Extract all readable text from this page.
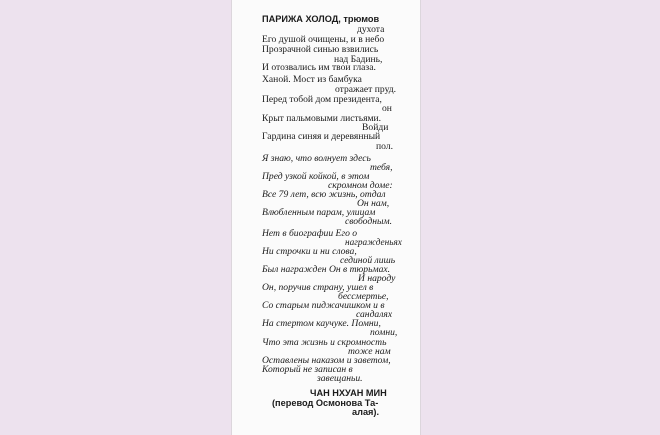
ПАРИЖА ХОЛОД, трюмов
духота
Его душой очищены, и в небо
Прозрачной синью взвились
над Бадинь,
И отозвались им твои глаза.
Ханой. Мост из бамбука
отражает пруд.
Перед тобой дом президента,
он
Крыт пальмовыми листьями.
Войди
Гардина синяя и деревянный
пол.
Я знаю, что волнует здесь
тебя,
Пред узкой койкой, в этом
скромном доме:
Все 79 лет, всю жизнь, отдал
Он нам,
Влюбленным парам, улицам
свободным.
Нет в биографии Его о
награжденьях
Ни строчки и ни слова,
сединой лишь
Был награжден Он в тюрьмах.
И народу
Он, поручив страну, ушел в
бессмертье,
Со старым пиджачишком и в
сандалях
На стертом каучуке. Помни,
помни,
Что эта жизнь и скромность
тоже нам
Оставлены наказом и заветом,
Который не записан в
завещаньи.
ЧАН НХУАН МИН
(перевод Осмонова Та-
алая).
